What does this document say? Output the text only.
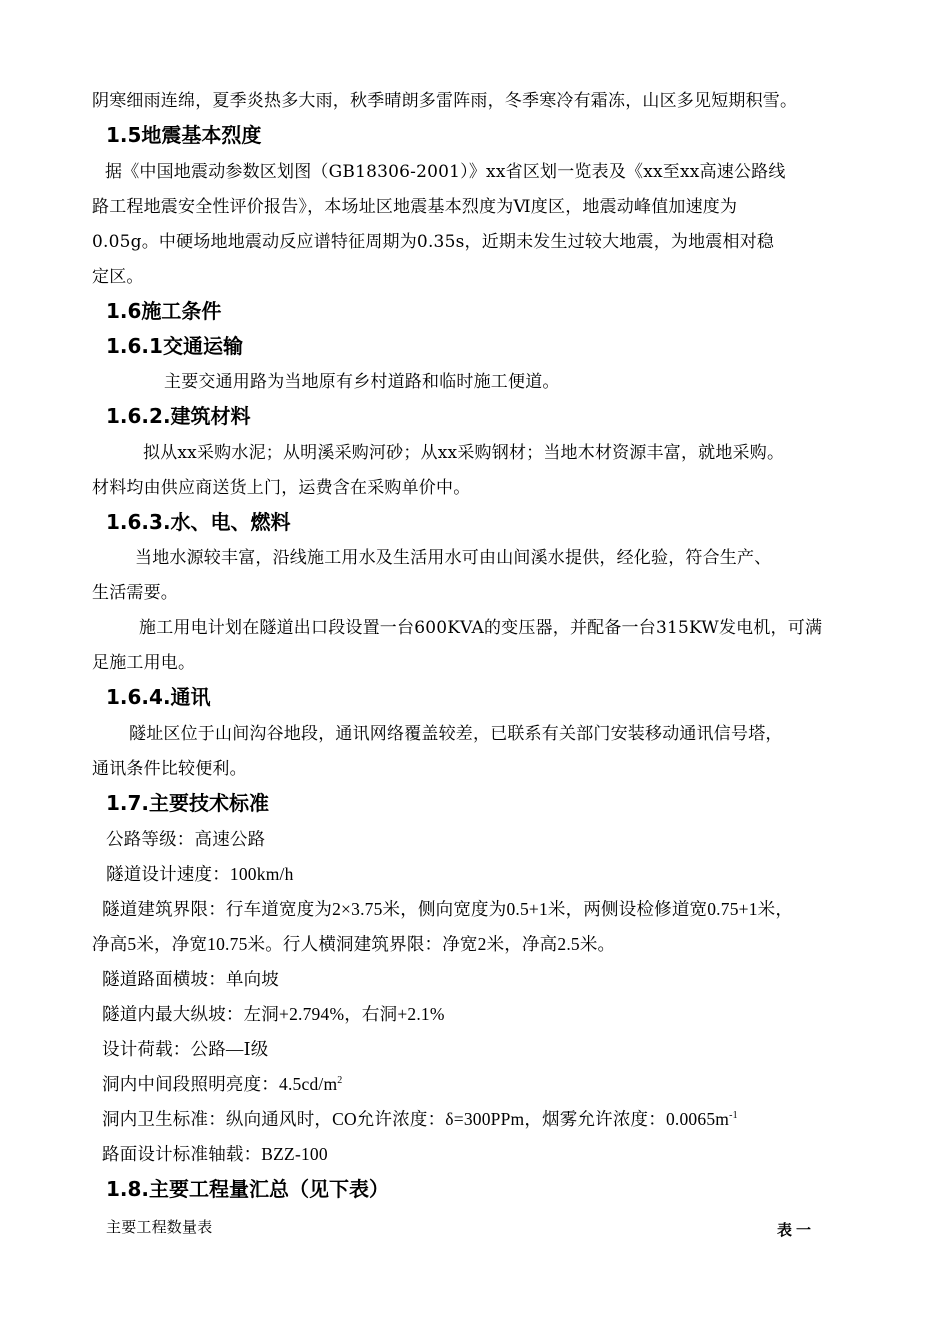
阴寒细雨连绵，夏季炎热多大雨，秋季晴朗多雷阵雨，冬季寒冷有霜冻，山区多见短期积雪。
1.5地震基本烈度
据《中国地震动参数区划图（GB18306-2001）》xx省区划一览表及《xx至xx高速公路线
路工程地震安全性评价报告》，本场址区地震基本烈度为Ⅵ度区，地震动峰值加速度为
0.05g。中硬场地地震动反应谱特征周期为0.35s，近期未发生过较大地震，为地震相对稳
定区。
1.6施工条件
1.6.1交通运输
主要交通用路为当地原有乡村道路和临时施工便道。
1.6.2.建筑材料
拟从xx采购水泥；从明溪采购河砂；从xx采购钢材；当地木材资源丰富，就地采购。
材料均由供应商送货上门，运费含在采购单价中。
1.6.3.水、电、燃料
当地水源较丰富，沿线施工用水及生活用水可由山间溪水提供，经化验，符合生产、
生活需要。
施工用电计划在隧道出口段设置一台600KVA的变压器，并配备一台315KW发电机，可满
足施工用电。
1.6.4.通讯
隧址区位于山间沟谷地段，通讯网络覆盖较差，已联系有关部门安装移动通讯信号塔，
通讯条件比较便利。
1.7.主要技术标准
公路等级：高速公路
隧道设计速度：100km/h
隧道建筑界限：行车道宽度为2×3.75米，侧向宽度为0.5+1米，两侧设检修道宽0.75+1米，
净高5米，净宽10.75米。行人横洞建筑界限：净宽2米，净高2.5米。
隧道路面横坡：单向坡
隧道内最大纵坡：左洞+2.794%，右洞+2.1%
设计荷载：公路—Ⅰ级
洞内中间段照明亮度：$4.5cd/m^2$
洞内卫生标准：纵向通风时，CO允许浓度：δ=300PPm，烟雾允许浓度：$0.0065m^{-1}$
路面设计标准轴载：BZZ-100
1.8.主要工程量汇总（见下表）
主要工程数量表	表一
